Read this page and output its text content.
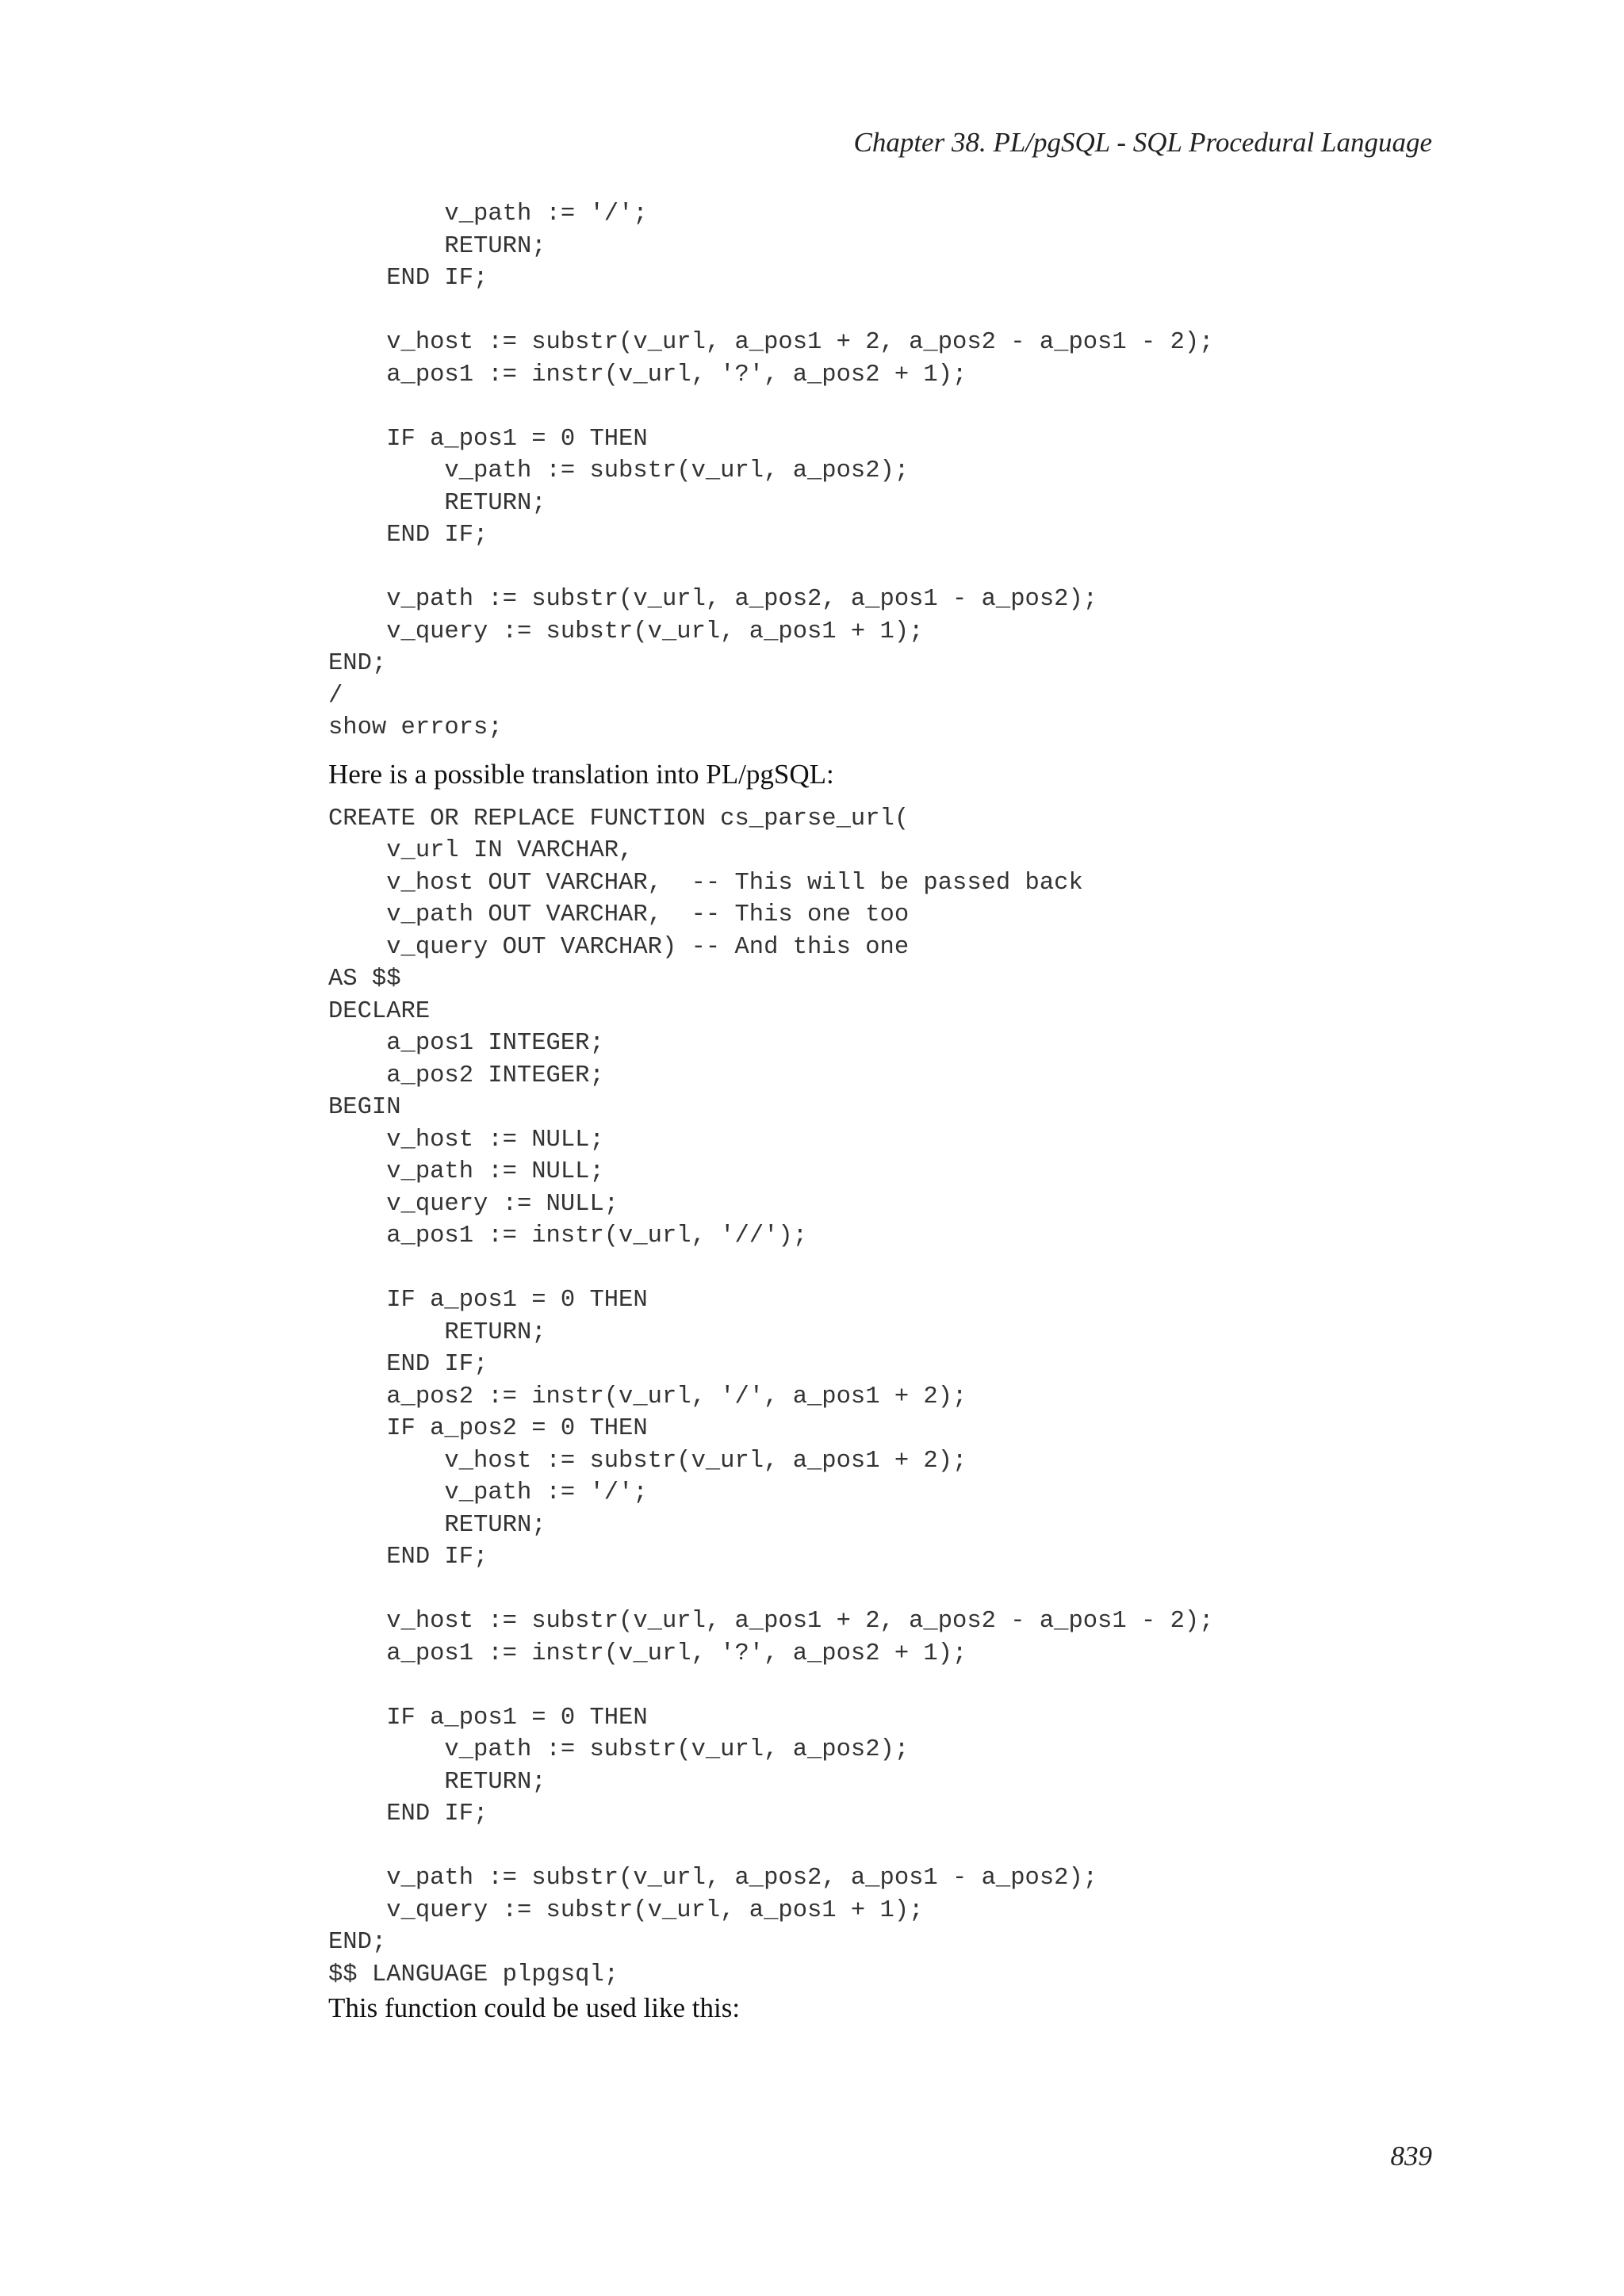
Chapter 38. PL/pgSQL - SQL Procedural Language
v_path := '/';
RETURN;
END IF;

v_host := substr(v_url, a_pos1 + 2, a_pos2 - a_pos1 - 2);
a_pos1 := instr(v_url, '?', a_pos2 + 1);

IF a_pos1 = 0 THEN
v_path := substr(v_url, a_pos2);
RETURN;
END IF;

v_path := substr(v_url, a_pos2, a_pos1 - a_pos2);
v_query := substr(v_url, a_pos1 + 1);
END;
/
show errors;

Here is a possible translation into PL/pgSQL:

CREATE OR REPLACE FUNCTION cs_parse_url(
v_url IN VARCHAR,
v_host OUT VARCHAR,  -- This will be passed back
v_path OUT VARCHAR,  -- This one too
v_query OUT VARCHAR) -- And this one
AS $$
DECLARE
a_pos1 INTEGER;
a_pos2 INTEGER;
BEGIN
v_host := NULL;
v_path := NULL;
v_query := NULL;
a_pos1 := instr(v_url, '//');

IF a_pos1 = 0 THEN
RETURN;
END IF;
a_pos2 := instr(v_url, '/', a_pos1 + 2);
IF a_pos2 = 0 THEN
v_host := substr(v_url, a_pos1 + 2);
v_path := '/';
RETURN;
END IF;

v_host := substr(v_url, a_pos1 + 2, a_pos2 - a_pos1 - 2);
a_pos1 := instr(v_url, '?', a_pos2 + 1);

IF a_pos1 = 0 THEN
v_path := substr(v_url, a_pos2);
RETURN;
END IF;

v_path := substr(v_url, a_pos2, a_pos1 - a_pos2);
v_query := substr(v_url, a_pos1 + 1);
END;
$$ LANGUAGE plpgsql;

This function could be used like this:

839
